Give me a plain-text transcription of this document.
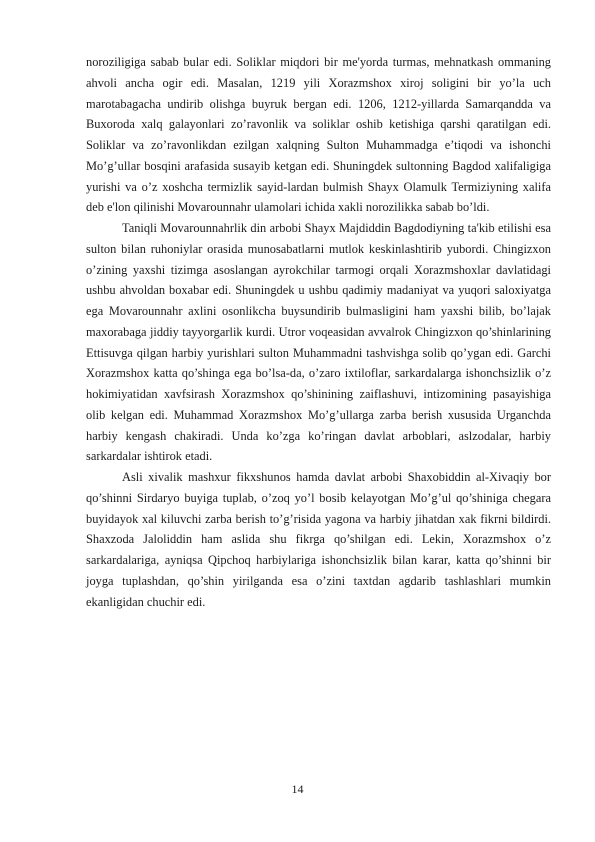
noroziligiga sabab bular edi. Soliklar miqdori bir me'yorda turmas, mehnatkash ommaning ahvoli ancha ogir edi. Masalan, 1219 yili Xorazmshox xiroj soligini bir yo’la uch marotabagacha undirib olishga buyruk bergan edi. 1206, 1212-yillarda Samarqandda va Buxoroda xalq galayonlari zo’ravonlik va soliklar oshib ketishiga qarshi qaratilgan edi. Soliklar va zo’ravonlikdan ezilgan xalqning Sulton Muhammadga e’tiqodi va ishonchi Mo’g’ullar bosqini arafasida susayib ketgan edi. Shuningdek sultonning Bagdod xalifaligiga yurishi va o’z xoshcha termizlik sayid-lardan bulmish Shayx Olamulk Termiziyning xalifa deb e'lon qilinishi Movarounnahr ulamolari ichida xakli norozilikka sabab bo’ldi.

Taniqli Movarounnahrlik din arbobi Shayx Majdiddin Bagdodiyning ta'kib etilishi esa sulton bilan ruhoniylar orasida munosabatlarni mutlok keskinlashtirib yubordi. Chingizxon o’zining yaxshi tizimga asoslangan ayrokchilar tarmogi orqali Xorazmshoxlar davlatidagi ushbu ahvoldan boxabar edi. Shuningdek u ushbu qadimiy madaniyat va yuqori saloxiyatga ega Movarounnahr axlini osonlikcha buysundirib bulmasligini ham yaxshi bilib, bo’lajak maxorabaga jiddiy tayyorgarlik kurdi. Utror voqeasidan avvalrok Chingizxon qo’shinlarining Ettisuvga qilgan harbiy yurishlari sulton Muhammadni tashvishga solib qo’ygan edi. Garchi Xorazmshox katta qo’shinga ega bo’lsa-da, o’zaro ixtiloflar, sarkardalarga ishonchsizlik o’z hokimiyatidan xavfsirash Xorazmshox qo’shinining zaiflashuvi, intizomining pasayishiga olib kelgan edi. Muhammad Xorazmshox Mo’g’ullarga zarba berish xususida Urganchda harbiy kengash chakiradi. Unda ko’zga ko’ringan davlat arboblari, aslzodalar, harbiy sarkardalar ishtirok etadi.

Asli xivalik mashxur fikxshunos hamda davlat arbobi Shaxobiddin al-Xivaqiy bor qo’shinni Sirdaryo buyiga tuplab, o’zoq yo’l bosib kelayotgan Mo’g’ul qo’shiniga chegara buyidayok xal kiluvchi zarba berish to’g’risida yagona va harbiy jihatdan xak fikrni bildirdi. Shaxzoda Jaloliddin ham aslida shu fikrga qo’shilgan edi. Lekin, Xorazmshox o’z sarkardalariga, ayniqsa Qipchoq harbiylariga ishonchsizlik bilan karar, katta qo’shinni bir joyga tuplashdan, qo’shin yirilganda esa o’zini taxtdan agdarib tashlashlari mumkin ekanligidan chuchir edi.

14
